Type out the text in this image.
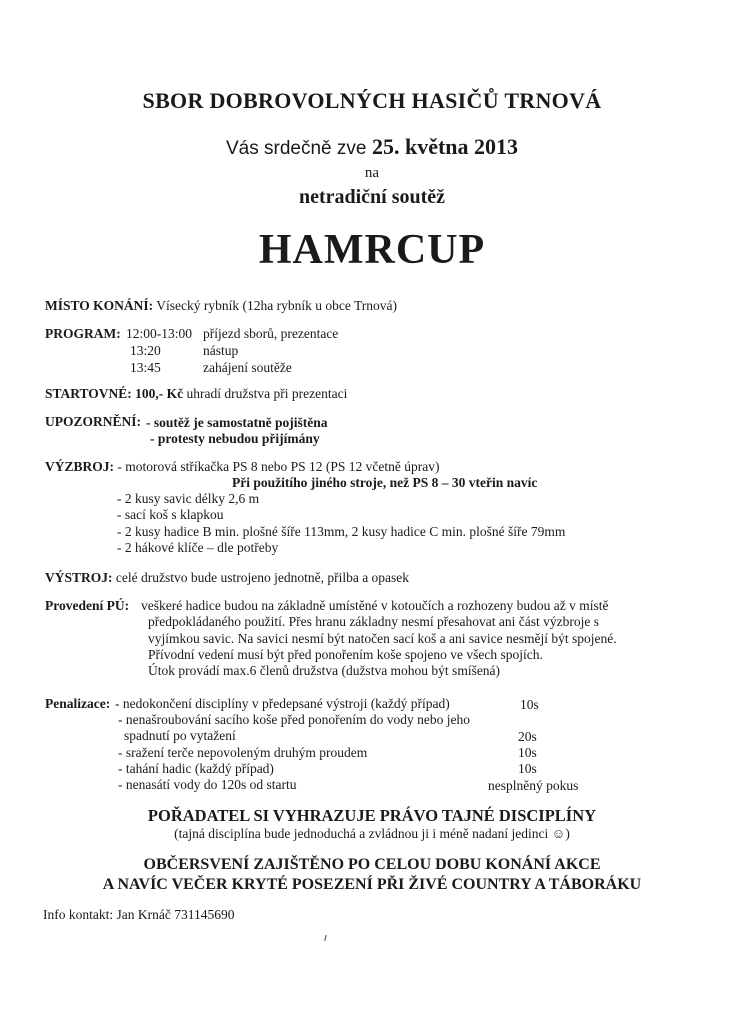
SBOR DOBROVOLNÝCH HASIČŮ TRNOVÁ
Vás srdečně zve 25. května 2013
na
netradiční soutěž
HAMRCUP
MÍSTO KONÁNÍ: Vísecký rybník (12ha rybník u obce Trnová)
PROGRAM: 12:00-13:00 příjezd sborů, prezentace
13:20	nástup
13:45	zahájení soutěže
STARTOVNÉ: 100,- Kč uhradí družstva při prezentaci
UPOZORNĚNÍ: - soutěž je samostatně pojištěna
- protesty nebudou přijímány
VÝZBROJ: - motorová stříkačka PS 8 nebo PS 12 (PS 12 včetně úprav)
Při použitího jiného stroje, než PS 8 – 30 vteřin navíc
- 2 kusy savic délky 2,6 m
- sací koš s klapkou
- 2 kusy hadice B min. plošné šíře 113mm, 2 kusy hadice C min. plošné šíře 79mm
- 2 hákové klíče – dle potřeby
VÝSTROJ: celé družstvo bude ustrojeno jednotně, přilba a opasek
Provedení PÚ: veškeré hadice budou na základně umístěné v kotoučích a rozhozeny budou až v místě
předpokládaného použití. Přes hranu základny nesmí přesahovat ani část výzbroje s
vyjímkou savic. Na savici nesmí být natočen sací koš a ani savice nesmějí být spojené.
Přívodní vedení musí být před ponořením koše spojeno ve všech spojích.
Útok provádí max.6 členů družstva (dužstva mohou být smíšená)
Penalizace: - nedokončení disciplíny v předepsané výstroji (každý případ)	10s
- nenašroubování sacího koše před ponořením do vody nebo jeho
spadnutí po vytažení	20s
- sražení terče nepovoleným druhým proudem	10s
- tahání hadic (každý případ)	10s
- nenasátí vody do 120s od startu	nesplněný pokus
POŘADATEL SI VYHRAZUJE PRÁVO TAJNÉ DISCIPLÍNY
(tajná disciplína bude jednoduchá a zvládnou ji i méně nadaní jedinci ☺)
OBČERSVENÍ ZAJIŠTĚNO PO CELOU DOBU KONÁNÍ AKCE
A NAVÍC VEČER KRYTÉ POSEZENÍ PŘI ŽIVÉ COUNTRY A TÁBORÁKU
Info kontakt: Jan Krnáč 731145690
